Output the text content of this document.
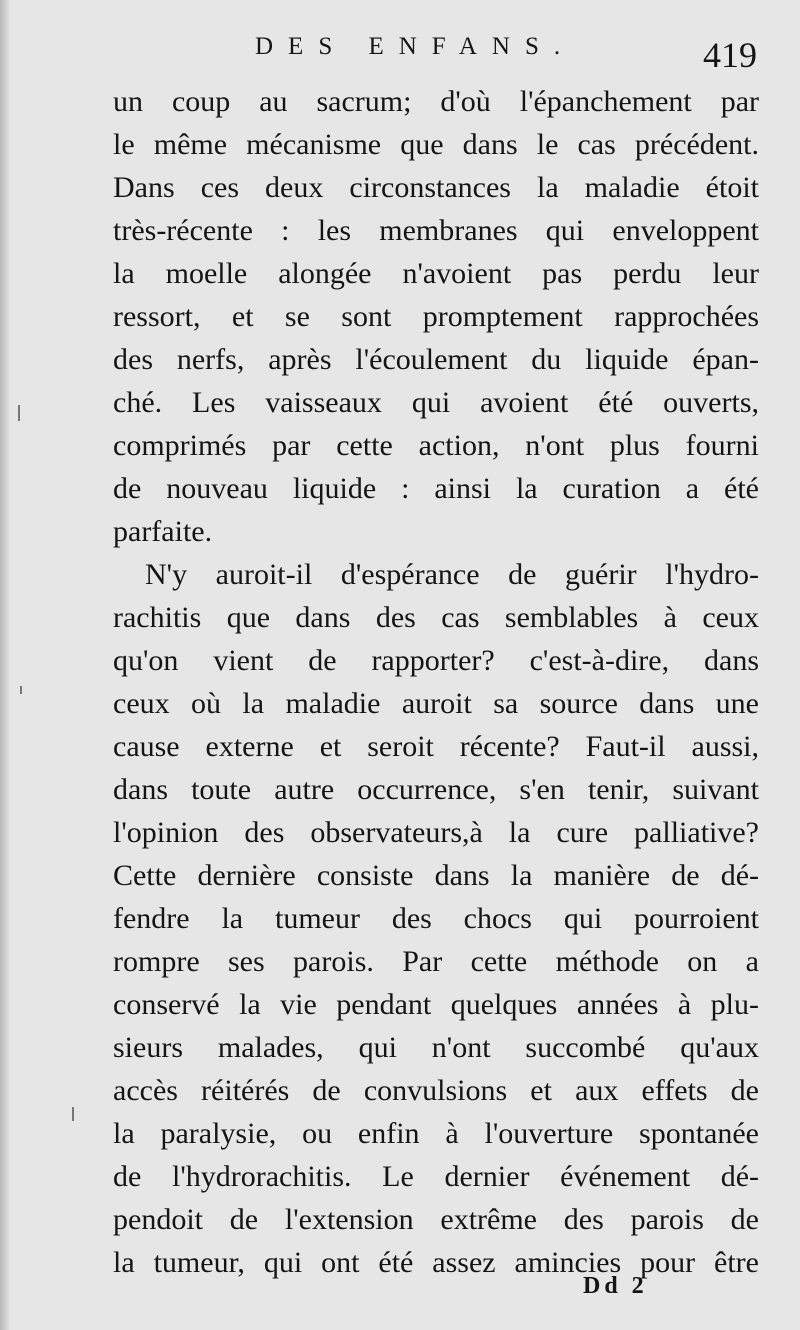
DES ENFANS.	419
un coup au sacrum; d'où l'épanchement par
le même mécanisme que dans le cas précédent.
Dans ces deux circonstances la maladie étoit
très-récente : les membranes qui enveloppent
la moelle alongée n'avoient pas perdu leur
ressort, et se sont promptement rapprochées
des nerfs, après l'écoulement du liquide épan-
ché. Les vaisseaux qui avoient été ouverts,
comprimés par cette action, n'ont plus fourni
de nouveau liquide : ainsi la curation a été
parfaite.
N'y auroit-il d'espérance de guérir l'hydro-
rachitis que dans des cas semblables à ceux
qu'on vient de rapporter? c'est-à-dire, dans
ceux où la maladie auroit sa source dans une
cause externe et seroit récente? Faut-il aussi,
dans toute autre occurrence, s'en tenir, suivant
l'opinion des observateurs,à la cure palliative?
Cette dernière consiste dans la manière de dé-
fendre la tumeur des chocs qui pourroient
rompre ses parois. Par cette méthode on a
conservé la vie pendant quelques années à plu-
sieurs malades, qui n'ont succombé qu'aux
accès réitérés de convulsions et aux effets de
la paralysie, ou enfin à l'ouverture spontanée
de l'hydrorachitis. Le dernier événement dé-
pendoit de l'extension extrême des parois de
la tumeur, qui ont été assez amincies pour être
Dd 2
